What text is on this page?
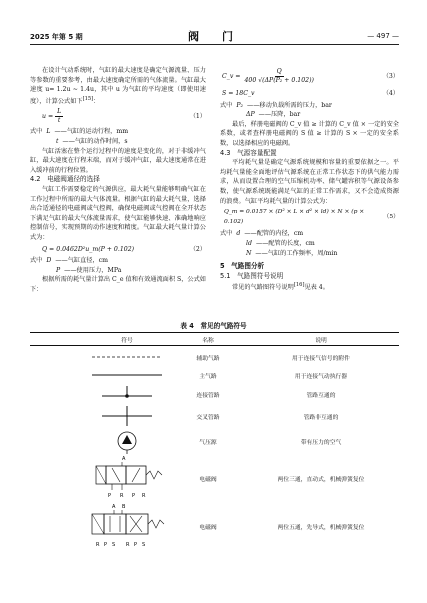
2025 年第 5 期	阀　门	— 497 —

在设计气动系统时，气缸的最大速度是确定气源流量、压力等参数的重要参考，由最大速度确定所需的气体流量。气缸最大速度 u= 1.2u ~ 1.4u，其中 u 为气缸的平均速度（即使用速度），计算公式如下[15]：

$u = \frac{L}{t}$	（1）
式中 L ——气缸的运动行程，mm
t ——气缸的动作时间，s

气缸活塞在整个运行过程中的速度是变化的，对于非缓冲气缸，最大速度在行程末端，而对于缓冲气缸，最大速度通常在进入缓冲前的行程位置。

4.2　电磁阀通径的选择

气缸工作需要稳定的气源供应，最大耗气量能够明确气缸在工作过程中所需的最大气体流量。根据气缸的最大耗气量，选择出合适通径的电磁阀或气控阀，确保电磁阀或气控阀在全开状态下满足气缸的最大气体流量需求，使气缸能够快速、准确地响应控制信号，实现预期的动作速度和精度。气缸最大耗气量计算公式为：

Q = 0.0462D²u_m(P + 0.102)	（2）
式中 D ——气缸直径，cm
P ——使用压力，MPa

根据所需的耗气量计算出 C_e 值和有效通流面积 S，公式如下：

C_v = $\frac{Q}{\text{400 √(ΔP(P₂ + 0.102))}}$	（3）
S = 18C_v	（4）
式中 P₂ ——移动负载所需的压力，bar
ΔP ——压降，bar

最后，样册电磁阀的 C_v 值 ≥ 计算的 C_v 值 × 一定的安全系数，或者查样册电磁阀的 S 值 ≥ 计算的 S × 一定的安全系数，以选择相应的电磁阀。

4.3　气源容量配置

平均耗气量是确定气源系统规模和容量的重要依据之一。平均耗气量能全面地评估气源系统在正常工作状态下的供气能力需求，从而设置合理的空气压缩机功率、储气罐容积等气源设备参数，使气源系统既能满足气缸的正常工作需求，又不会造成资源的浪费。气缸平均耗气量的计算公式为：

Q_m = 0.0157 × (D² × L × d² × ld) × N × (p × 0.102)
（5）
式中 d ——配管的内径，cm
ld ——配管的长度，cm
N ——气缸的工作频率，周/min
5　气路图分析
5.1　气路图符号说明

常见的气路图符号说明[16]见表 4。

表 4　常见的气路符号
符号	名称	说明
辅助气路	用于连接气信号的附件
主气路	用于连接气动执行器
连接管路	管路互通的
交叉管路	管路非互通的
气压源	带有压力的空气
A
P R P R
电磁阀	两位三通，直动式，机械弹簧复位
A B
R P S R P S
电磁阀	两位五通，先导式，机械弹簧复位
